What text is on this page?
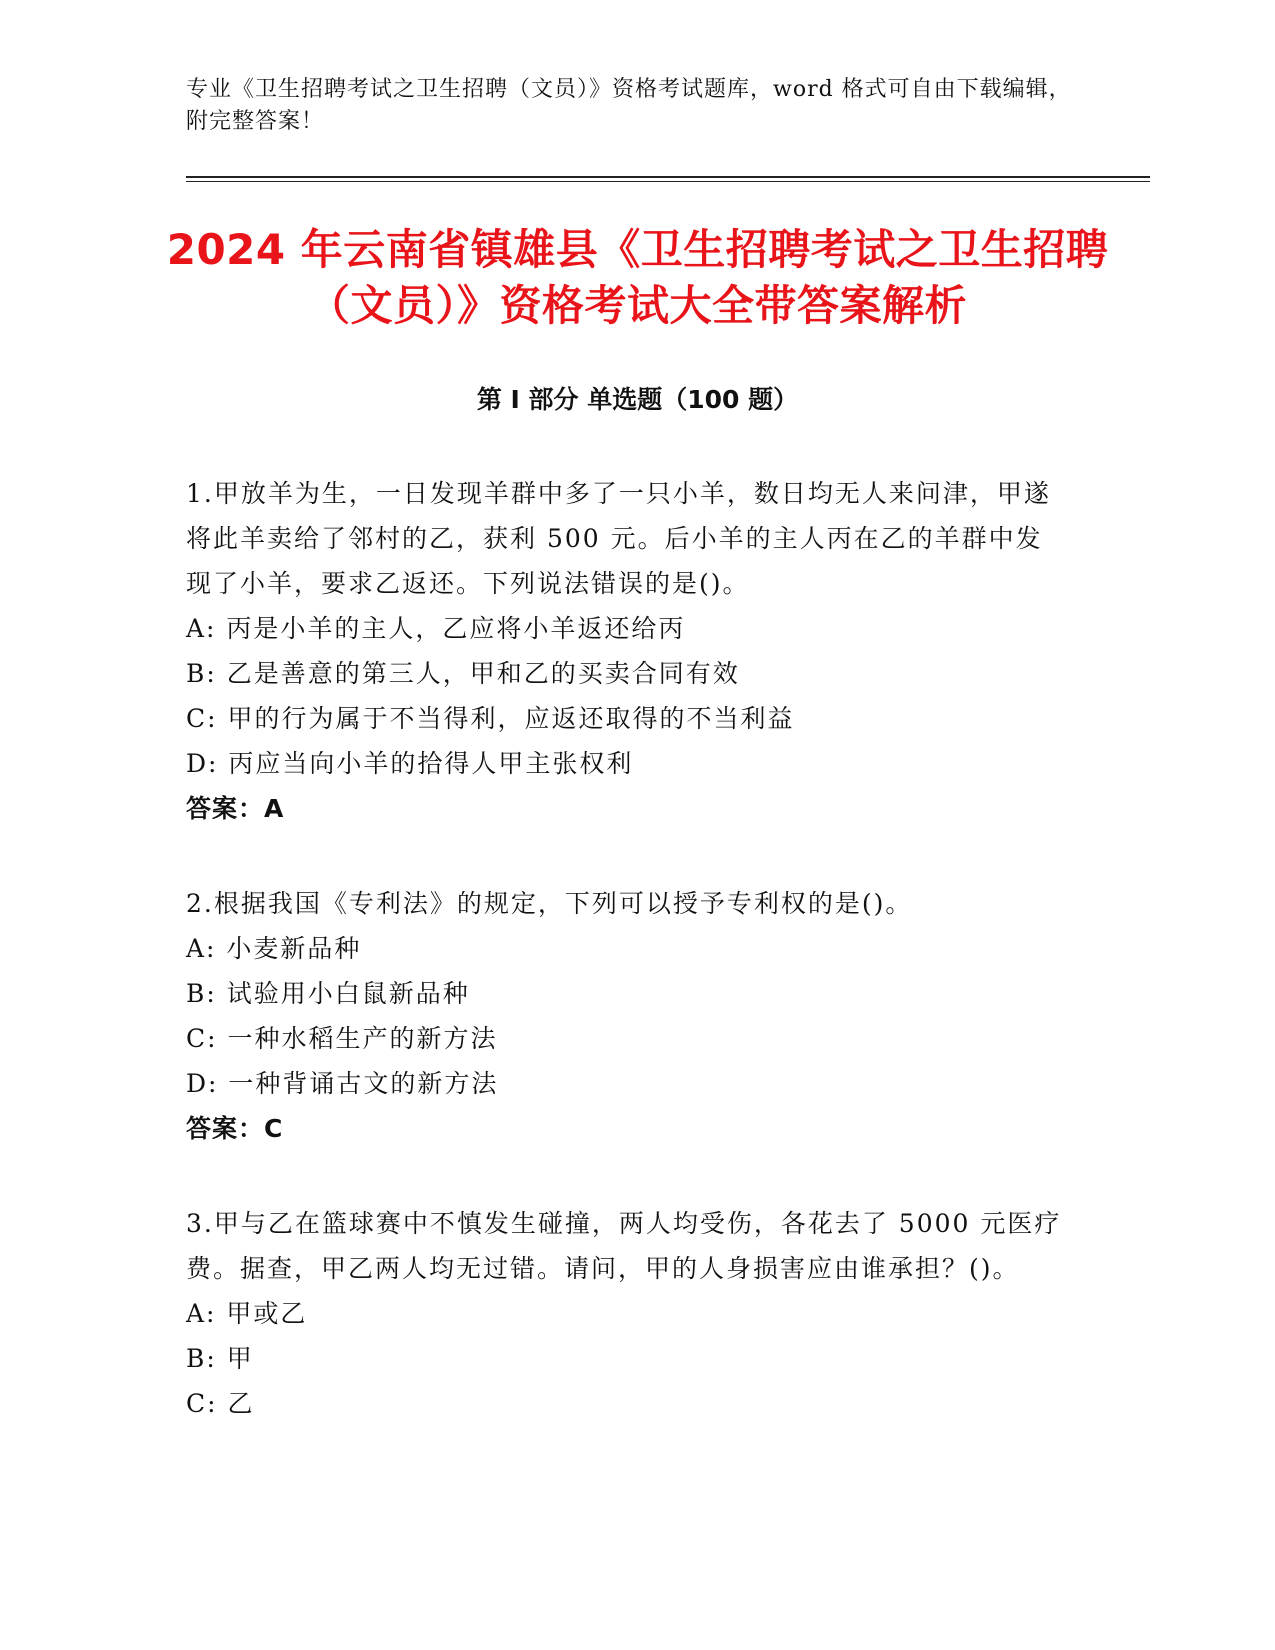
专业《卫生招聘考试之卫生招聘（文员）》资格考试题库，word 格式可自由下载编辑，附完整答案！
2024 年云南省镇雄县《卫生招聘考试之卫生招聘（文员）》资格考试大全带答案解析
第 I 部分 单选题（100 题）
1.甲放羊为生，一日发现羊群中多了一只小羊，数日均无人来问津，甲遂将此羊卖给了邻村的乙，获利 500 元。后小羊的主人丙在乙的羊群中发现了小羊，要求乙返还。下列说法错误的是()。
A: 丙是小羊的主人，乙应将小羊返还给丙
B: 乙是善意的第三人，甲和乙的买卖合同有效
C: 甲的行为属于不当得利，应返还取得的不当利益
D: 丙应当向小羊的拾得人甲主张权利
答案：A
2.根据我国《专利法》的规定，下列可以授予专利权的是()。
A: 小麦新品种
B: 试验用小白鼠新品种
C: 一种水稻生产的新方法
D: 一种背诵古文的新方法
答案：C
3.甲与乙在篮球赛中不慎发生碰撞，两人均受伤，各花去了 5000 元医疗费。据查，甲乙两人均无过错。请问，甲的人身损害应由谁承担？()。
A: 甲或乙
B: 甲
C: 乙
